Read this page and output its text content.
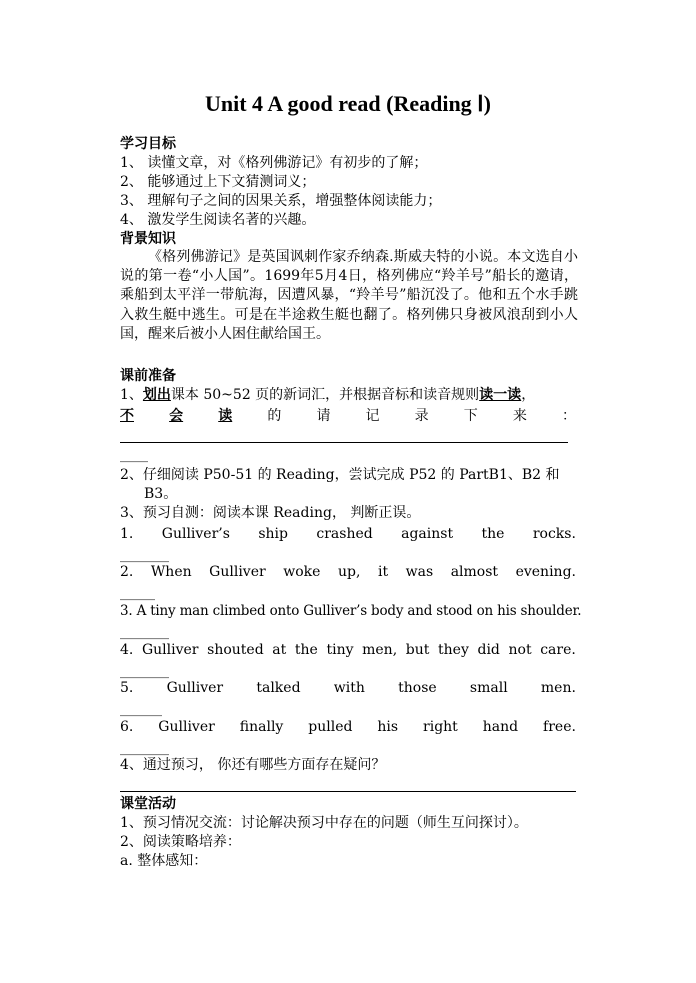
Unit 4 A good read (Reading Ⅰ)
学习目标
1、 读懂文章，对《格列佛游记》有初步的了解；
2、 能够通过上下文猜测词义；
3、 理解句子之间的因果关系，增强整体阅读能力；
4、 激发学生阅读名著的兴趣。
背景知识
《格列佛游记》是英国讽刺作家乔纳森.斯威夫特的小说。本文选自小说的第一卷“小人国”。1699年5月4日，格列佛应“羚羊号”船长的邀请，乘船到太平洋一带航海，因遭风暴，“羚羊号”船沉没了。他和五个水手跳入救生艇中逃生。可是在半途救生艇也翻了。格列佛只身被风浪刮到小人国，醒来后被小人困住献给国王。
课前准备
1、划出课本 50~52 页的新词汇，并根据音标和读音规则读一读，
不	会	读	的	请	记	录	下	来	：
____
2、仔细阅读 P50-51 的 Reading，尝试完成 P52 的 PartB1、B2 和
B3。
3、预习自测：阅读本课 Reading， 判断正误。
1. Gulliver’s ship crashed against the rocks.
_______
2. When Gulliver woke up, it was almost evening.
_____
3. A tiny man climbed onto Gulliver’s body and stood on his shoulder.
_______
4. Gulliver shouted at the tiny men, but they did not care.
_______
5. Gulliver talked with those small men.
______
6. Gulliver finally pulled his right hand free.
_______
4、通过预习， 你还有哪些方面存在疑问？
课堂活动
1、预习情况交流：讨论解决预习中存在的问题（师生互问探讨）。
2、阅读策略培养：
a. 整体感知：
